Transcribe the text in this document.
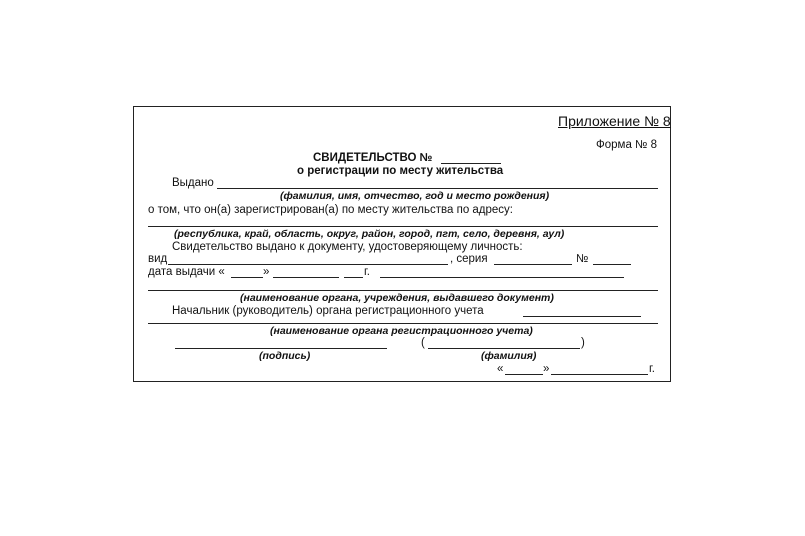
Приложение № 8
Форма № 8
СВИДЕТЕЛЬСТВО №
о регистрации по месту жительства
Выдано
(фамилия, имя, отчество, год и место рождения)
о том, что он(а) зарегистрирован(а) по месту жительства по адресу:
(республика, край, область, округ, район, город, пгт, село, деревня, аул)
Свидетельство выдано к документу, удостоверяющему личность:
вид	, серия	№
дата выдачи «	»	г.
(наименование органа, учреждения, выдавшего документ)
Начальник (руководитель) органа регистрационного учета
(наименование органа регистрационного учета)
(	)
(подпись)	(фамилия)
«	»	г.
